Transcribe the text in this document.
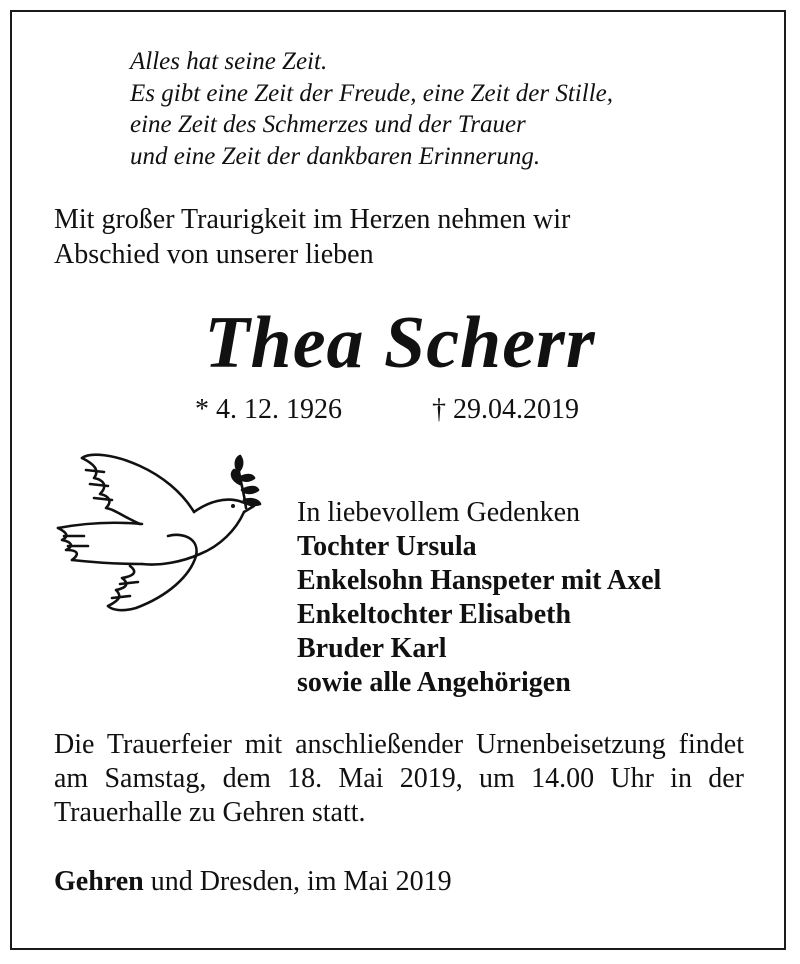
Alles hat seine Zeit.
Es gibt eine Zeit der Freude, eine Zeit der Stille,
eine Zeit des Schmerzes und der Trauer
und eine Zeit der dankbaren Erinnerung.
Mit großer Traurigkeit im Herzen nehmen wir
Abschied von unserer lieben
Thea Scherr
* 4. 12. 1926	† 29.04.2019
In liebevollem Gedenken
Tochter Ursula
Enkelsohn Hanspeter mit Axel
Enkeltochter Elisabeth
Bruder Karl
sowie alle Angehörigen
Die Trauerfeier mit anschließender Urnenbeisetzung findet am Samstag, dem 18. Mai 2019, um 14.00 Uhr in der Trauerhalle zu Gehren statt.
Gehren und Dresden, im Mai 2019
